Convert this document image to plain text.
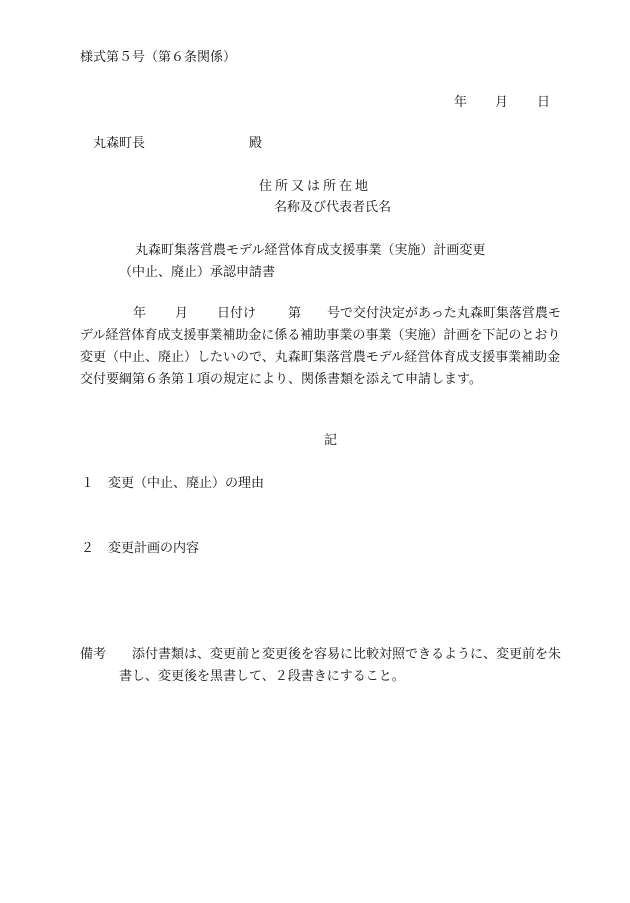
様式第５号（第６条関係）
年 月 日
丸森町長	殿
住所又は所在地
名称及び代表者氏名
丸森町集落営農モデル経営体育成支援事業（実施）計画変更
（中止、廃止）承認申請書
年 月 日付け 第 号で交付決定があった丸森町集落営農モ
デル経営体育成支援事業補助金に係る補助事業の事業（実施）計画を下記のとおり
変更（中止、廃止）したいので、丸森町集落営農モデル経営体育成支援事業補助金
交付要綱第６条第１項の規定により、関係書類を添えて申請します。
記
１ 変更（中止、廃止）の理由
２ 変更計画の内容
備考 添付書類は、変更前と変更後を容易に比較対照できるように、変更前を朱
書し、変更後を黒書して、２段書きにすること。
